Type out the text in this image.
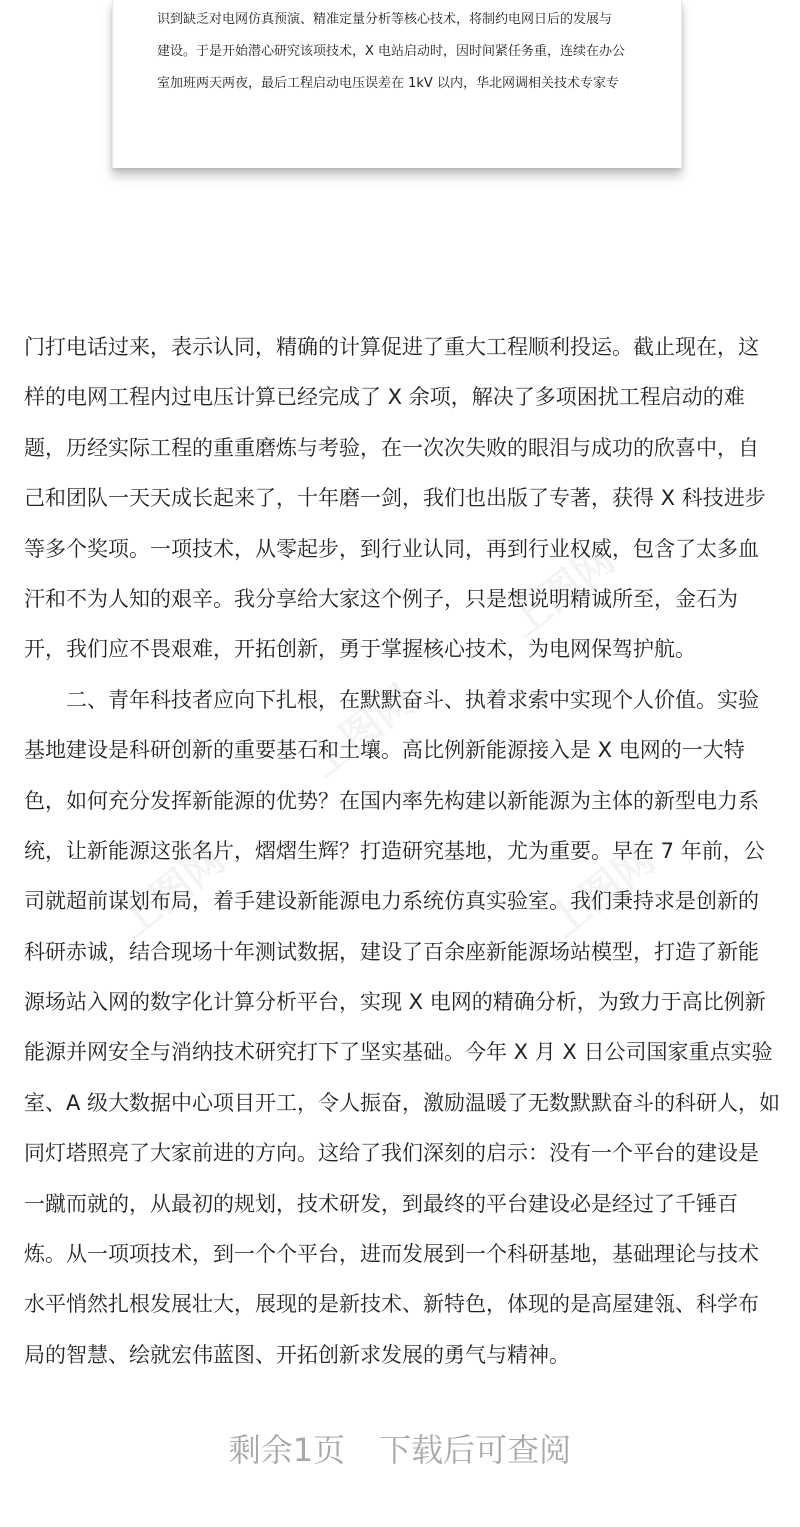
识到缺乏对电网仿真预演、精准定量分析等核心技术，将制约电网日后的发展与
建设。于是开始潜心研究该项技术，X 电站启动时，因时间紧任务重，连续在办公
室加班两天两夜，最后工程启动电压误差在 1kV 以内，华北网调相关技术专家专
上图网
上图网
上图网
上图网
门打电话过来，表示认同，精确的计算促进了重大工程顺利投运。截止现在，这
样的电网工程内过电压计算已经完成了 X 余项，解决了多项困扰工程启动的难
题，历经实际工程的重重磨炼与考验，在一次次失败的眼泪与成功的欣喜中，自
己和团队一天天成长起来了，十年磨一剑，我们也出版了专著，获得 X 科技进步
等多个奖项。一项技术，从零起步，到行业认同，再到行业权威，包含了太多血
汗和不为人知的艰辛。我分享给大家这个例子，只是想说明精诚所至，金石为
开，我们应不畏艰难，开拓创新，勇于掌握核心技术，为电网保驾护航。
　　二、青年科技者应向下扎根，在默默奋斗、执着求索中实现个人价值。实验
基地建设是科研创新的重要基石和土壤。高比例新能源接入是 X 电网的一大特
色，如何充分发挥新能源的优势？在国内率先构建以新能源为主体的新型电力系
统，让新能源这张名片，熠熠生辉？打造研究基地，尤为重要。早在 7 年前，公
司就超前谋划布局，着手建设新能源电力系统仿真实验室。我们秉持求是创新的
科研赤诚，结合现场十年测试数据，建设了百余座新能源场站模型，打造了新能
源场站入网的数字化计算分析平台，实现 X 电网的精确分析，为致力于高比例新
能源并网安全与消纳技术研究打下了坚实基础。今年 X 月 X 日公司国家重点实验
室、A 级大数据中心项目开工，令人振奋，激励温暖了无数默默奋斗的科研人，如
同灯塔照亮了大家前进的方向。这给了我们深刻的启示：没有一个平台的建设是
一蹴而就的，从最初的规划，技术研发，到最终的平台建设必是经过了千锤百
炼。从一项项技术，到一个个平台，进而发展到一个科研基地，基础理论与技术
水平悄然扎根发展壮大，展现的是新技术、新特色，体现的是高屋建瓴、科学布
局的智慧、绘就宏伟蓝图、开拓创新求发展的勇气与精神。
剩余1页 下载后可查阅
